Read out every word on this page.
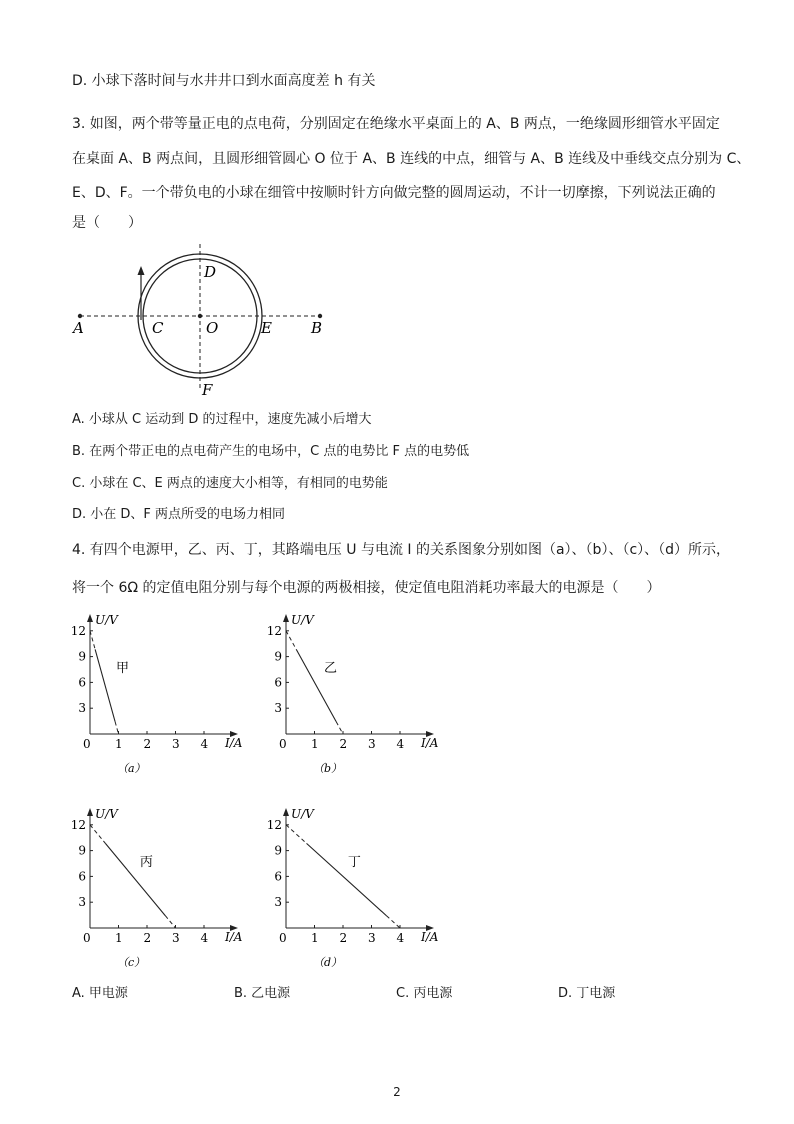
D. 小球下落时间与水井井口到水面高度差 h 有关
3. 如图，两个带等量正电的点电荷，分别固定在绝缘水平桌面上的 A、B 两点，一绝缘圆形细管水平固定
在桌面 A、B 两点间，且圆形细管圆心 O 位于 A、B 连线的中点，细管与 A、B 连线及中垂线交点分别为 C、
E、D、F。一个带负电的小球在细管中按顺时针方向做完整的圆周运动，不计一切摩擦，下列说法正确的
是（　　）
A	B
C	O	E
D
F
A. 小球从 C 运动到 D 的过程中，速度先减小后增大
B. 在两个带正电的点电荷产生的电场中，C 点的电势比 F 点的电势低
C. 小球在 C、E 两点的速度大小相等，有相同的电势能
D. 小在 D、F 两点所受的电场力相同
4. 有四个电源甲，乙、丙、丁，其路端电压 U 与电流 I 的关系图象分别如图（a）、（b）、（c）、（d）所示，
将一个 6Ω 的定值电阻分别与每个电源的两极相接，使定值电阻消耗功率最大的电源是（　　）
U/V
I/A
0 1 2 3 4
12
9
6
3
甲
（a）
U/V
I/A
0 1 2 3 4
12
9
6
3
乙
（b）
U/V
I/A
0 1 2 3 4
12
9
6
3
丙
（c）
U/V
I/A
0 1 2 3 4
12
9
6
3
丁
（d）
A. 甲电源	B. 乙电源	C. 丙电源	D. 丁电源
2
